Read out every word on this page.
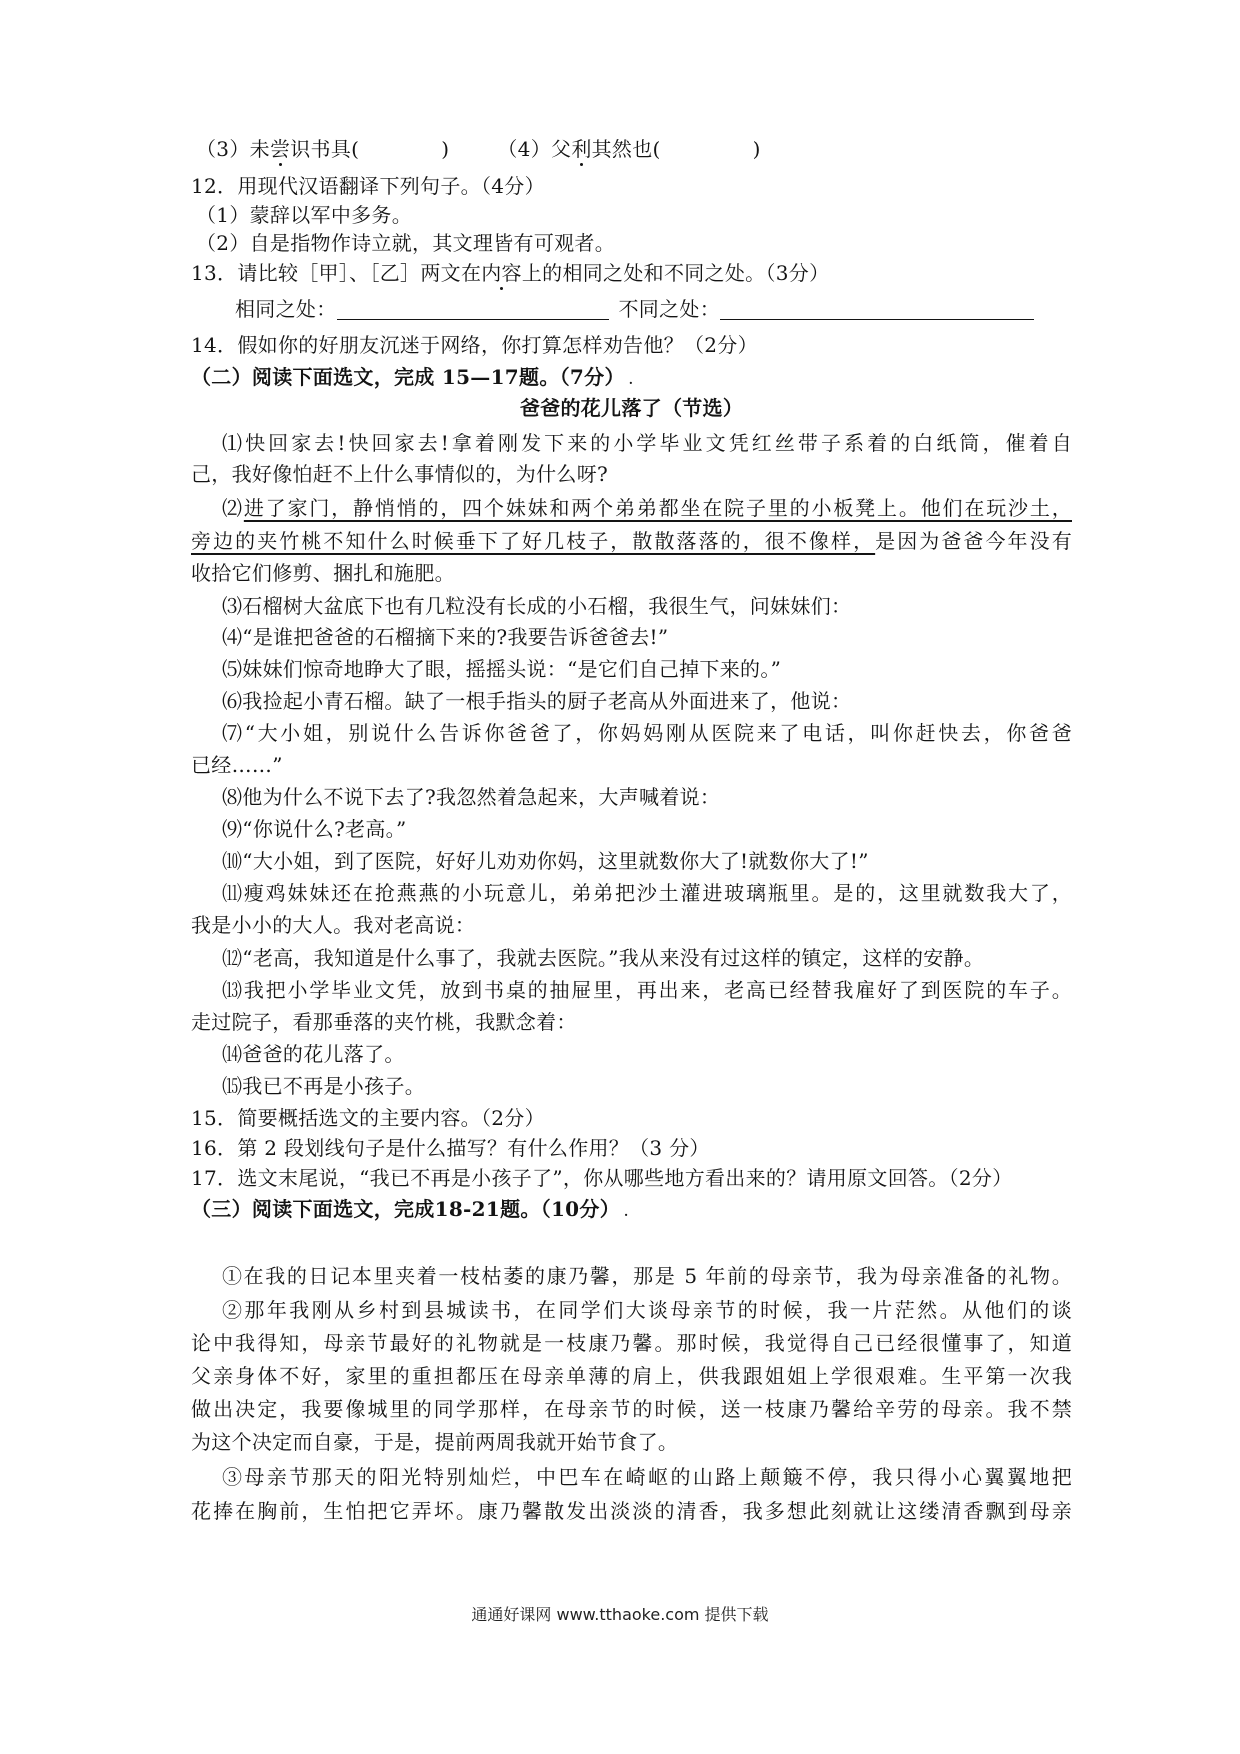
（3）未尝识书具(	) （4）父利其然也(	)
12．用现代汉语翻译下列句子。（4分）
（1）蒙辞以军中多务。
（2）自是指物作诗立就，其文理皆有可观者。
13．请比较［甲］、［乙］两文在内容上的相同之处和不同之处。（3分）
相同之处：	不同之处：
14．假如你的好朋友沉迷于网络，你打算怎样劝告他？（2分）
（二）阅读下面选文，完成 15—17题。（7分） .
爸爸的花儿落了（节选）
⑴快回家去!快回家去!拿着刚发下来的小学毕业文凭红丝带子系着的白纸筒，催着自
己，我好像怕赶不上什么事情似的，为什么呀?
⑵进了家门，静悄悄的，四个妹妹和两个弟弟都坐在院子里的小板凳上。他们在玩沙土，
旁边的夹竹桃不知什么时候垂下了好几枝子，散散落落的，很不像样，是因为爸爸今年没有
收拾它们修剪、捆扎和施肥。
⑶石榴树大盆底下也有几粒没有长成的小石榴，我很生气，问妹妹们：
⑷“是谁把爸爸的石榴摘下来的?我要告诉爸爸去!”
⑸妹妹们惊奇地睁大了眼，摇摇头说：“是它们自己掉下来的。”
⑹我捡起小青石榴。缺了一根手指头的厨子老高从外面进来了，他说：
⑺“大小姐，别说什么告诉你爸爸了，你妈妈刚从医院来了电话，叫你赶快去，你爸爸
已经……”
⑻他为什么不说下去了?我忽然着急起来，大声喊着说：
⑼“你说什么?老高。”
⑽“大小姐，到了医院，好好儿劝劝你妈，这里就数你大了!就数你大了!”
⑾瘦鸡妹妹还在抢燕燕的小玩意儿，弟弟把沙土灌进玻璃瓶里。是的，这里就数我大了，
我是小小的大人。我对老高说：
⑿“老高，我知道是什么事了，我就去医院。”我从来没有过这样的镇定，这样的安静。
⒀我把小学毕业文凭，放到书桌的抽屉里，再出来，老高已经替我雇好了到医院的车子。
走过院子，看那垂落的夹竹桃，我默念着：
⒁爸爸的花儿落了。
⒂我已不再是小孩子。
15．简要概括选文的主要内容。（2分）
16．第 2 段划线句子是什么描写？有什么作用？（3 分）
17．选文末尾说，“我已不再是小孩子了”，你从哪些地方看出来的？请用原文回答。（2分）
（三）阅读下面选文，完成18-21题。（10分） .
①在我的日记本里夹着一枝枯萎的康乃馨，那是 5 年前的母亲节，我为母亲准备的礼物。
②那年我刚从乡村到县城读书，在同学们大谈母亲节的时候，我一片茫然。从他们的谈
论中我得知，母亲节最好的礼物就是一枝康乃馨。那时候，我觉得自己已经很懂事了，知道
父亲身体不好，家里的重担都压在母亲单薄的肩上，供我跟姐姐上学很艰难。生平第一次我
做出决定，我要像城里的同学那样，在母亲节的时候，送一枝康乃馨给辛劳的母亲。我不禁
为这个决定而自豪，于是，提前两周我就开始节食了。
③母亲节那天的阳光特别灿烂，中巴车在崎岖的山路上颠簸不停，我只得小心翼翼地把
花捧在胸前，生怕把它弄坏。康乃馨散发出淡淡的清香，我多想此刻就让这缕清香飘到母亲
通通好课网 www.tthaoke.com 提供下载
